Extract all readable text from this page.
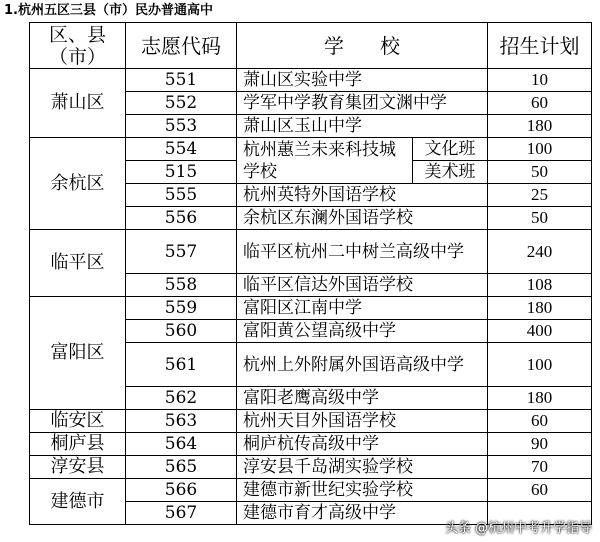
1.杭州五区三县（市）民办普通高中
区、县（市）	志愿代码	学校		招生计划
萧山区	551	萧山区实验中学		10
	552	学军中学教育集团文渊中学		60
	553	萧山区玉山中学		180
余杭区	554	杭州蕙兰未来科技城学校	文化班	100
	515		美术班	50
	555	杭州英特外国语学校		25
	556	余杭区东澜外国语学校		50
临平区	557	临平区杭州二中树兰高级中学		240
	558	临平区信达外国语学校		108
富阳区	559	富阳区江南中学		180
	560	富阳黄公望高级中学		400
	561	杭州上外附属外国语高级中学		100
	562	富阳老鹰高级中学		180
临安区	563	杭州天目外国语学校		60
桐庐县	564	桐庐杭传高级中学		90
淳安县	565	淳安县千岛湖实验学校		70
建德市	566	建德市新世纪实验学校		60
	567	建德市育才高级中学		
头条 @杭州中考升学指导
